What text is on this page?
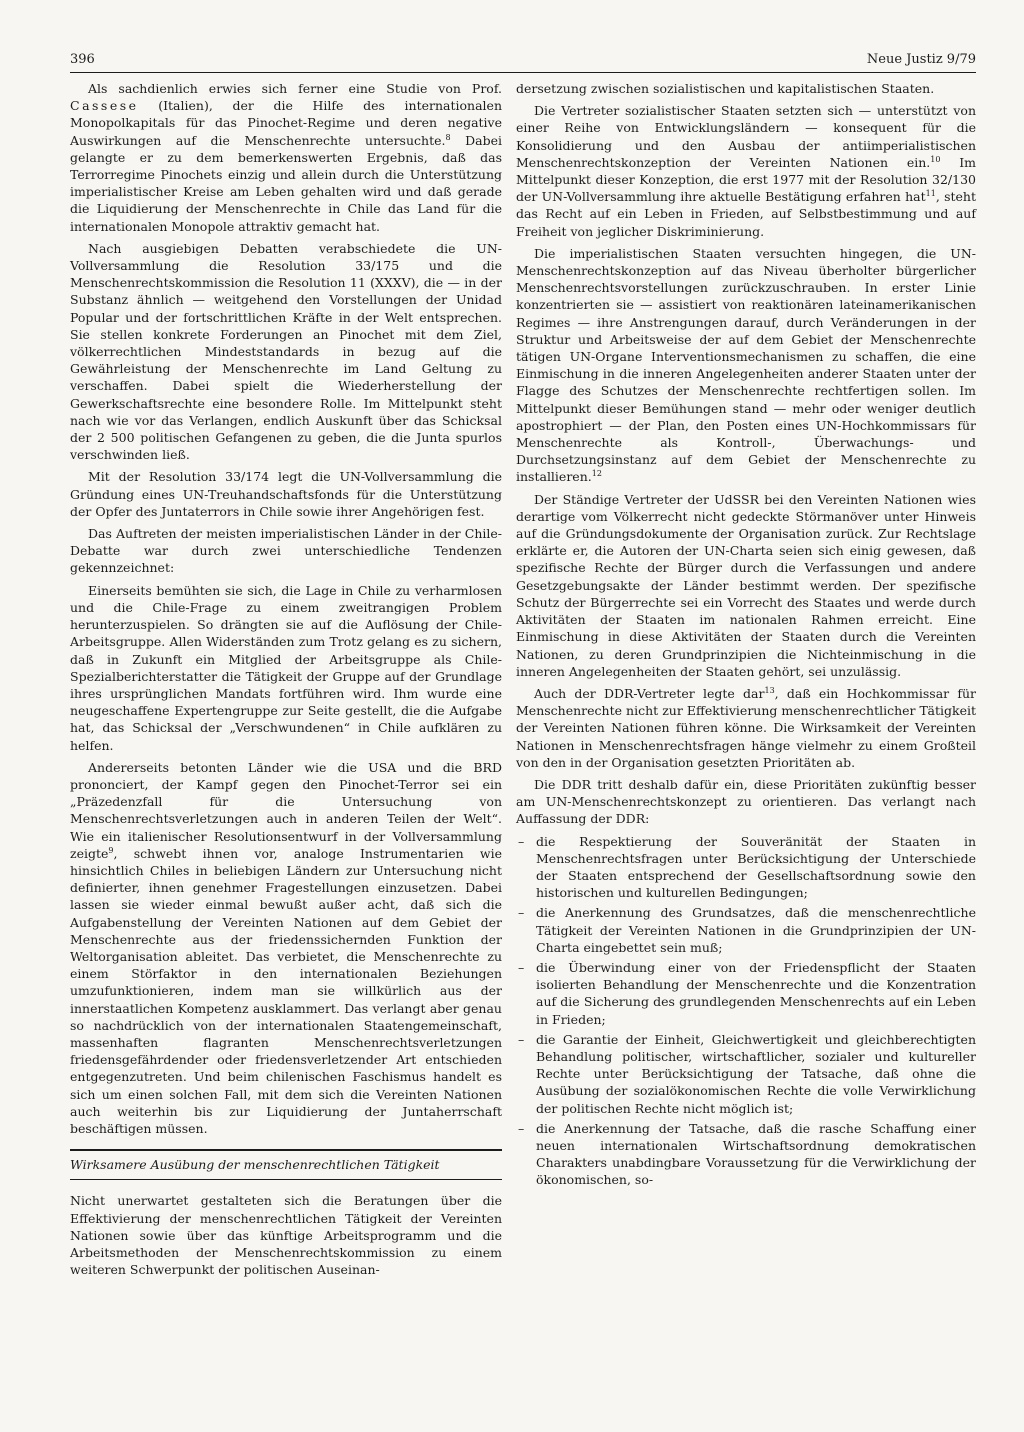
396	Neue Justiz 9/79

Als sachdienlich erwies sich ferner eine Studie von Prof. Cassese (Italien), der die Hilfe des internationalen Monopolkapitals für das Pinochet-Regime und deren negative Auswirkungen auf die Menschenrechte untersuchte.$^8$ Dabei gelangte er zu dem bemerkenswerten Ergebnis, daß das Terrorregime Pinochets einzig und allein durch die Unterstützung imperialistischer Kreise am Leben gehalten wird und daß gerade die Liquidierung der Menschenrechte in Chile das Land für die internationalen Monopole attraktiv gemacht hat.

Nach ausgiebigen Debatten verabschiedete die UN-Vollversammlung die Resolution 33/175 und die Menschenrechtskommission die Resolution 11 (XXXV), die — in der Substanz ähnlich — weitgehend den Vorstellungen der Unidad Popular und der fortschrittlichen Kräfte in der Welt entsprechen. Sie stellen konkrete Forderungen an Pinochet mit dem Ziel, völkerrechtlichen Mindeststandards in bezug auf die Gewährleistung der Menschenrechte im Land Geltung zu verschaffen. Dabei spielt die Wiederherstellung der Gewerkschaftsrechte eine besondere Rolle. Im Mittelpunkt steht nach wie vor das Verlangen, endlich Auskunft über das Schicksal der 2 500 politischen Gefangenen zu geben, die die Junta spurlos verschwinden ließ.

Mit der Resolution 33/174 legt die UN-Vollversammlung die Gründung eines UN-Treuhandschaftsfonds für die Unterstützung der Opfer des Juntaterrors in Chile sowie ihrer Angehörigen fest.

Das Auftreten der meisten imperialistischen Länder in der Chile-Debatte war durch zwei unterschiedliche Tendenzen gekennzeichnet:

Einerseits bemühten sie sich, die Lage in Chile zu verharmlosen und die Chile-Frage zu einem zweitrangigen Problem herunterzuspielen. So drängten sie auf die Auflösung der Chile-Arbeitsgruppe. Allen Widerständen zum Trotz gelang es zu sichern, daß in Zukunft ein Mitglied der Arbeitsgruppe als Chile-Spezialberichterstatter die Tätigkeit der Gruppe auf der Grundlage ihres ursprünglichen Mandats fortführen wird. Ihm wurde eine neugeschaffene Expertengruppe zur Seite gestellt, die die Aufgabe hat, das Schicksal der „Verschwundenen“ in Chile aufklären zu helfen.

Andererseits betonten Länder wie die USA und die BRD prononciert, der Kampf gegen den Pinochet-Terror sei ein „Präzedenzfall für die Untersuchung von Menschenrechtsverletzungen auch in anderen Teilen der Welt“. Wie ein italienischer Resolutionsentwurf in der Vollversammlung zeigte$^9$, schwebt ihnen vor, analoge Instrumentarien wie hinsichtlich Chiles in beliebigen Ländern zur Untersuchung nicht definierter, ihnen genehmer Fragestellungen einzusetzen. Dabei lassen sie wieder einmal bewußt außer acht, daß sich die Aufgabenstellung der Vereinten Nationen auf dem Gebiet der Menschenrechte aus der friedenssichernden Funktion der Weltorganisation ableitet. Das verbietet, die Menschenrechte zu einem Störfaktor in den internationalen Beziehungen umzufunktionieren, indem man sie willkürlich aus der innerstaatlichen Kompetenz ausklammert. Das verlangt aber genau so nachdrücklich von der internationalen Staatengemeinschaft, massenhaften flagranten Menschenrechtsverletzungen friedensgefährdender oder friedensverletzender Art entschieden entgegenzutreten. Und beim chilenischen Faschismus handelt es sich um einen solchen Fall, mit dem sich die Vereinten Nationen auch weiterhin bis zur Liquidierung der Juntaherrschaft beschäftigen müssen.

Wirksamere Ausübung der menschenrechtlichen Tätigkeit

Nicht unerwartet gestalteten sich die Beratungen über die Effektivierung der menschenrechtlichen Tätigkeit der Vereinten Nationen sowie über das künftige Arbeitsprogramm und die Arbeitsmethoden der Menschenrechtskommission zu einem weiteren Schwerpunkt der politischen Auseinan-

dersetzung zwischen sozialistischen und kapitalistischen Staaten.

Die Vertreter sozialistischer Staaten setzten sich — unterstützt von einer Reihe von Entwicklungsländern — konsequent für die Konsolidierung und den Ausbau der antiimperialistischen Menschenrechtskonzeption der Vereinten Nationen ein.$^{10}$ Im Mittelpunkt dieser Konzeption, die erst 1977 mit der Resolution 32/130 der UN-Vollversammlung ihre aktuelle Bestätigung erfahren hat$^{11}$, steht das Recht auf ein Leben in Frieden, auf Selbstbestimmung und auf Freiheit von jeglicher Diskriminierung.

Die imperialistischen Staaten versuchten hingegen, die UN-Menschenrechtskonzeption auf das Niveau überholter bürgerlicher Menschenrechtsvorstellungen zurückzuschrauben. In erster Linie konzentrierten sie — assistiert von reaktionären lateinamerikanischen Regimes — ihre Anstrengungen darauf, durch Veränderungen in der Struktur und Arbeitsweise der auf dem Gebiet der Menschenrechte tätigen UN-Organe Interventionsmechanismen zu schaffen, die eine Einmischung in die inneren Angelegenheiten anderer Staaten unter der Flagge des Schutzes der Menschenrechte rechtfertigen sollen. Im Mittelpunkt dieser Bemühungen stand — mehr oder weniger deutlich apostrophiert — der Plan, den Posten eines UN-Hochkommissars für Menschenrechte als Kontroll-, Überwachungs- und Durchsetzungsinstanz auf dem Gebiet der Menschenrechte zu installieren.$^{12}$

Der Ständige Vertreter der UdSSR bei den Vereinten Nationen wies derartige vom Völkerrecht nicht gedeckte Störmanöver unter Hinweis auf die Gründungsdokumente der Organisation zurück. Zur Rechtslage erklärte er, die Autoren der UN-Charta seien sich einig gewesen, daß spezifische Rechte der Bürger durch die Verfassungen und andere Gesetzgebungsakte der Länder bestimmt werden. Der spezifische Schutz der Bürgerrechte sei ein Vorrecht des Staates und werde durch Aktivitäten der Staaten im nationalen Rahmen erreicht. Eine Einmischung in diese Aktivitäten der Staaten durch die Vereinten Nationen, zu deren Grundprinzipien die Nichteinmischung in die inneren Angelegenheiten der Staaten gehört, sei unzulässig.

Auch der DDR-Vertreter legte dar$^{13}$, daß ein Hochkommissar für Menschenrechte nicht zur Effektivierung menschenrechtlicher Tätigkeit der Vereinten Nationen führen könne. Die Wirksamkeit der Vereinten Nationen in Menschenrechtsfragen hänge vielmehr zu einem Großteil von den in der Organisation gesetzten Prioritäten ab.

Die DDR tritt deshalb dafür ein, diese Prioritäten zukünftig besser am UN-Menschenrechtskonzept zu orientieren. Das verlangt nach Auffassung der DDR:

– die Respektierung der Souveränität der Staaten in Menschenrechtsfragen unter Berücksichtigung der Unterschiede der Staaten entsprechend der Gesellschaftsordnung sowie den historischen und kulturellen Bedingungen;
– die Anerkennung des Grundsatzes, daß die menschenrechtliche Tätigkeit der Vereinten Nationen in die Grundprinzipien der UN-Charta eingebettet sein muß;
– die Überwindung einer von der Friedenspflicht der Staaten isolierten Behandlung der Menschenrechte und die Konzentration auf die Sicherung des grundlegenden Menschenrechts auf ein Leben in Frieden;
– die Garantie der Einheit, Gleichwertigkeit und gleichberechtigten Behandlung politischer, wirtschaftlicher, sozialer und kultureller Rechte unter Berücksichtigung der Tatsache, daß ohne die Ausübung der sozialökonomischen Rechte die volle Verwirklichung der politischen Rechte nicht möglich ist;
– die Anerkennung der Tatsache, daß die rasche Schaffung einer neuen internationalen Wirtschaftsordnung demokratischen Charakters unabdingbare Voraussetzung für die Verwirklichung der ökonomischen, so-
